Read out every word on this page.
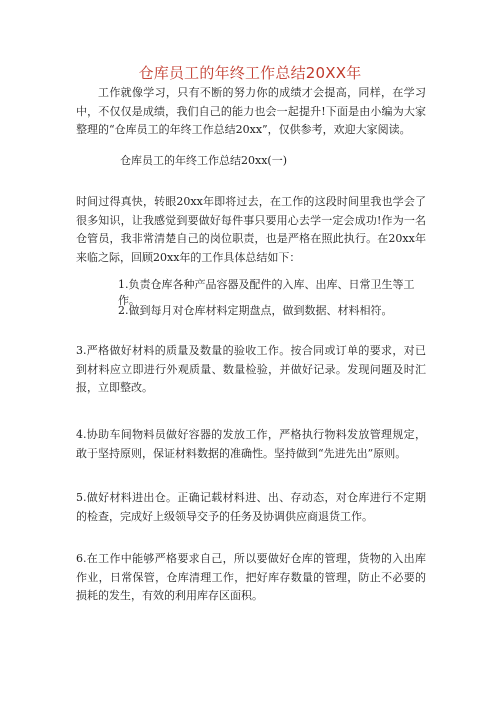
仓库员工的年终工作总结20XX年

工作就像学习，只有不断的努力你的成绩才会提高，同样，在学习中，不仅仅是成绩，我们自己的能力也会一起提升!下面是由小编为大家整理的“仓库员工的年终工作总结20xx”，仅供参考，欢迎大家阅读。

仓库员工的年终工作总结20xx(一)

时间过得真快，转眼20xx年即将过去，在工作的这段时间里我也学会了很多知识，让我感觉到要做好每件事只要用心去学一定会成功!作为一名仓管员，我非常清楚自己的岗位职责，也是严格在照此执行。在20xx年来临之际，回顾20xx年的工作具体总结如下：

1.负责仓库各种产品容器及配件的入库、出库、日常卫生等工作。

2.做到每月对仓库材料定期盘点，做到数据、材料相符。

3.严格做好材料的质量及数量的验收工作。按合同或订单的要求，对已到材料应立即进行外观质量、数量检验，并做好记录。发现问题及时汇报，立即整改。

4.协助车间物料员做好容器的发放工作，严格执行物料发放管理规定，敢于坚持原则，保证材料数据的准确性。坚持做到“先进先出”原则。

5.做好材料进出仓。正确记载材料进、出、存动态，对仓库进行不定期的检查，完成好上级领导交予的任务及协调供应商退货工作。

6.在工作中能够严格要求自己，所以要做好仓库的管理，货物的入出库作业，日常保管，仓库清理工作，把好库存数量的管理，防止不必要的损耗的发生，有效的利用库存区面积。
